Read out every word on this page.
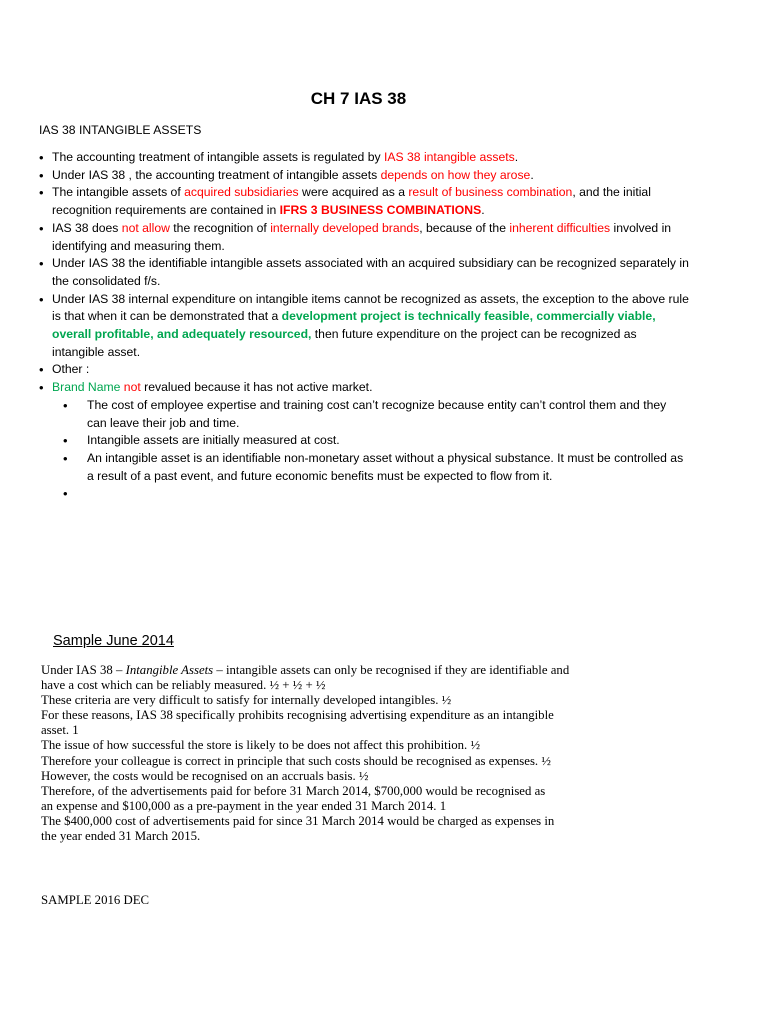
CH 7 IAS 38
IAS 38 INTANGIBLE ASSETS
• The accounting treatment of intangible assets is regulated by IAS 38 intangible assets.
• Under IAS 38 , the accounting treatment of intangible assets depends on how they arose.
• The intangible assets of acquired subsidiaries were acquired as a result of business combination, and the initial recognition requirements are contained in IFRS 3 BUSINESS COMBINATIONS.
• IAS 38 does not allow the recognition of internally developed brands, because of the inherent difficulties involved in identifying and measuring them.
• Under IAS 38 the identifiable intangible assets associated with an acquired subsidiary can be recognized separately in the consolidated f/s.
• Under IAS 38 internal expenditure on intangible items cannot be recognized as assets, the exception to the above rule is that when it can be demonstrated that a development project is technically feasible, commercially viable, overall profitable, and adequately resourced, then future expenditure on the project can be recognized as intangible asset.
• Other :
• Brand Name not revalued because it has not active market.
• The cost of employee expertise and training cost can’t recognize because entity can’t control them and they can leave their job and time.
• Intangible assets are initially measured at cost.
• An intangible asset is an identifiable non-monetary asset without a physical substance. It must be controlled as a result of a past event, and future economic benefits must be expected to flow from it.
•
Sample June 2014
Under IAS 38 – Intangible Assets – intangible assets can only be recognised if they are identifiable and
have a cost which can be reliably measured. ½ + ½ + ½
These criteria are very difficult to satisfy for internally developed intangibles. ½
For these reasons, IAS 38 specifically prohibits recognising advertising expenditure as an intangible
asset. 1
The issue of how successful the store is likely to be does not affect this prohibition. ½
Therefore your colleague is correct in principle that such costs should be recognised as expenses. ½
However, the costs would be recognised on an accruals basis. ½
Therefore, of the advertisements paid for before 31 March 2014, $700,000 would be recognised as
an expense and $100,000 as a pre-payment in the year ended 31 March 2014. 1
The $400,000 cost of advertisements paid for since 31 March 2014 would be charged as expenses in
the year ended 31 March 2015.
SAMPLE 2016 DEC
